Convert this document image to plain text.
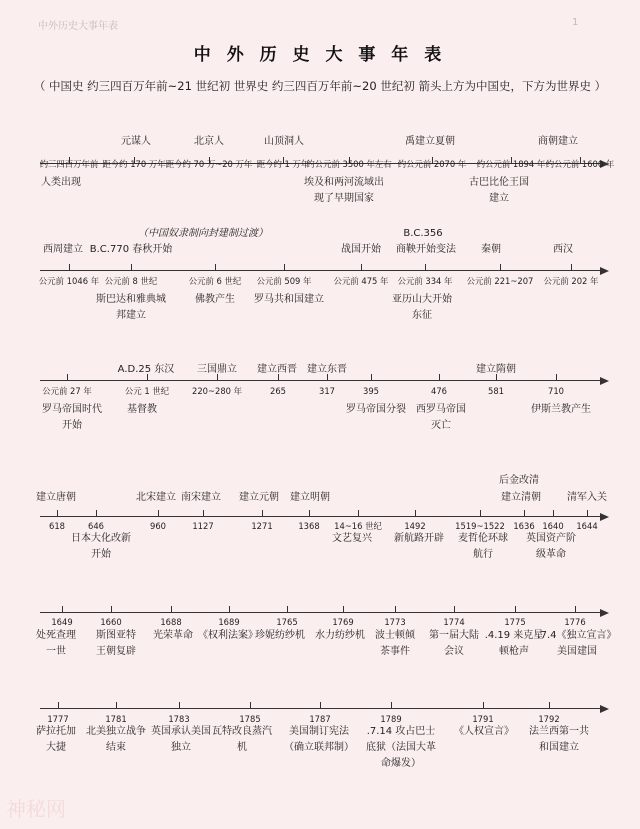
中外历史大事年表	1
中 外 历 史 大 事 年 表
（ 中国史 约三四百万年前~21 世纪初 世界史 约三四百万年前~20 世纪初 箭头上方为中国史，下方为世界史 ）
元谋人	北京人	山顶洞人	禹建立夏朝	商朝建立
约三四百万年前 距今约 170 万年 距今约 70 万~20 万年 距今约 1 万年
约公元前 3500 年左右 约公元前 2070 年 约公元前 1894 年 约公元前 1600 年
人类出现	埃及和两河流域出
现了早期国家
古巴比伦王国
建立
（中国奴隶制向封建制过渡）	B.C.356
西周建立 B.C.770 春秋开始	战国开始 商鞅开始变法	秦朝	西汉
公元前 1046 年 公元前 8 世纪	公元前 6 世纪 公元前 509 年	公元前 475 年 公元前 334 年 公元前 221~207 公元前 202 年
斯巴达和雅典城
邦建立
佛教产生 罗马共和国建立	亚历山大开始
东征
A.D.25 东汉 三国鼎立 建立西晋 建立东晋	建立隋朝
公元前 27 年	公元 1 世纪	220~280 年	265	317	395	476	581	710
罗马帝国时代
开始
基督教	罗马帝国分裂 西罗马帝国
灭亡
伊斯兰教产生
后金改清
建立唐朝	北宋建立 南宋建立 建立元朝 建立明朝	建立清朝	清军入关
618	646	960	1127	1271	1368 14~16 世纪	1492	1519~1522 1636 1640 1644
日本大化改新
开始
文艺复兴 新航路开辟 麦哲伦环球
航行
英国资产阶
级革命
1649	1660	1688	1689	1765	1769	1773	1774	1775	1776
处死查理
一世
斯图亚特
王朝复辟
光荣革命 《权利法案》
珍妮纺纱机 水力纺纱机 波士顿倾
茶事件
第一届大陆
会议
.4.19 来克星
顿枪声
.7.4《独立宣言》
美国建国
1777	1781	1783	1785	1787	1789	1791	1792
萨拉托加
大捷
北美独立战争
结束
英国承认美国
独立
瓦特改良蒸汽
机
美国制订宪法
（确立联邦制）
.7.14 攻占巴士
底狱（法国大革
命爆发）
《人权宣言》 法兰西第一共
和国建立
神秘网
